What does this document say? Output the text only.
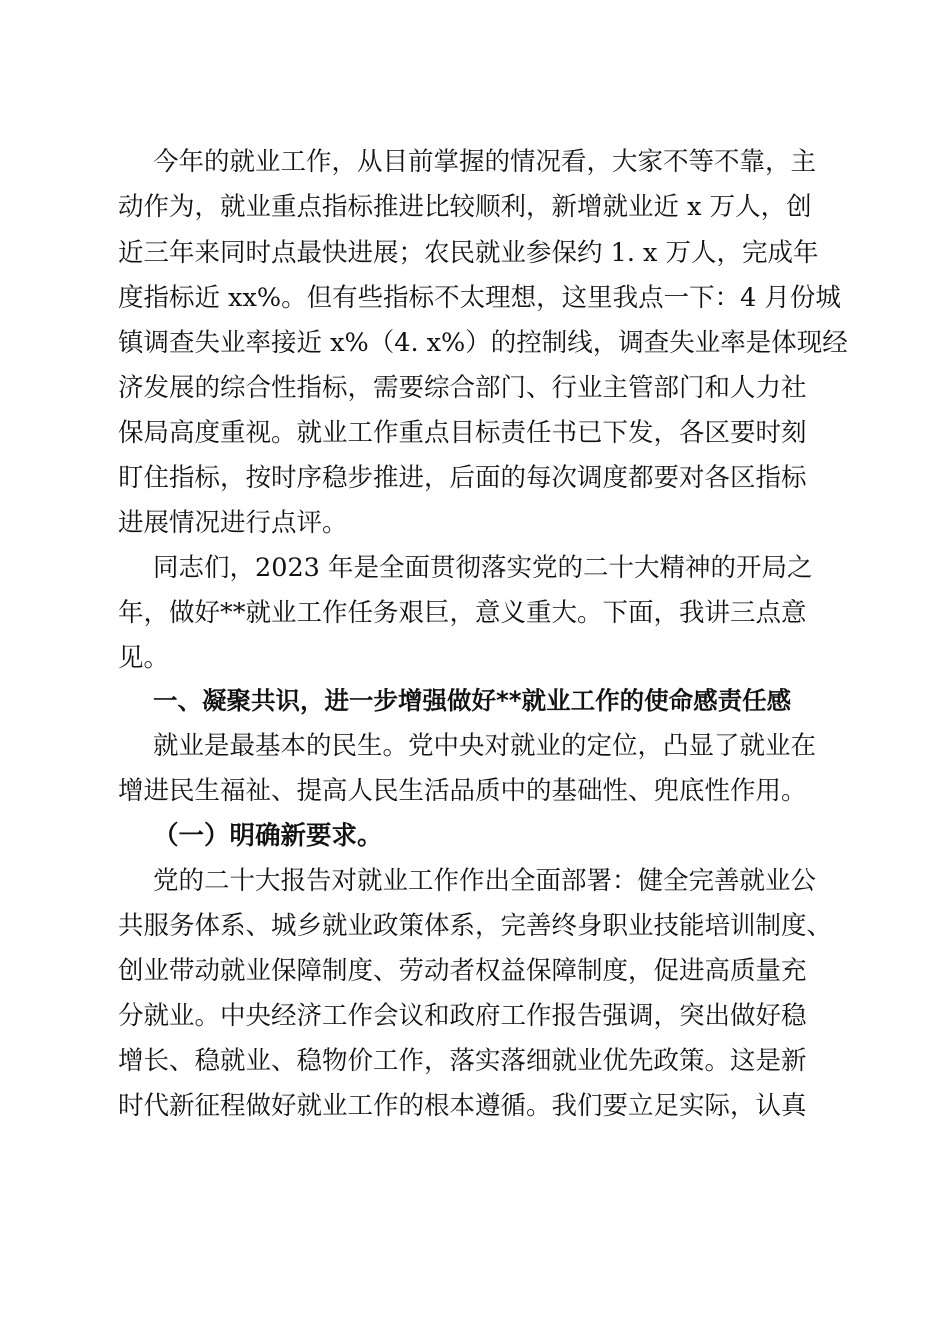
今年的就业工作，从目前掌握的情况看，大家不等不靠，主
动作为，就业重点指标推进比较顺利，新增就业近 x 万人，创
近三年来同时点最快进展；农民就业参保约 1. x 万人，完成年
度指标近 xx%。但有些指标不太理想，这里我点一下：4 月份城
镇调查失业率接近 x%（4. x%）的控制线，调查失业率是体现经
济发展的综合性指标，需要综合部门、行业主管部门和人力社
保局高度重视。就业工作重点目标责任书已下发，各区要时刻
盯住指标，按时序稳步推进，后面的每次调度都要对各区指标
进展情况进行点评。
同志们，2023 年是全面贯彻落实党的二十大精神的开局之
年，做好**就业工作任务艰巨，意义重大。下面，我讲三点意
见。
一、凝聚共识，进一步增强做好**就业工作的使命感责任感
就业是最基本的民生。党中央对就业的定位，凸显了就业在
增进民生福祉、提高人民生活品质中的基础性、兜底性作用。
（一）明确新要求。
党的二十大报告对就业工作作出全面部署：健全完善就业公
共服务体系、城乡就业政策体系，完善终身职业技能培训制度、
创业带动就业保障制度、劳动者权益保障制度，促进高质量充
分就业。中央经济工作会议和政府工作报告强调，突出做好稳
增长、稳就业、稳物价工作，落实落细就业优先政策。这是新
时代新征程做好就业工作的根本遵循。我们要立足实际，认真
